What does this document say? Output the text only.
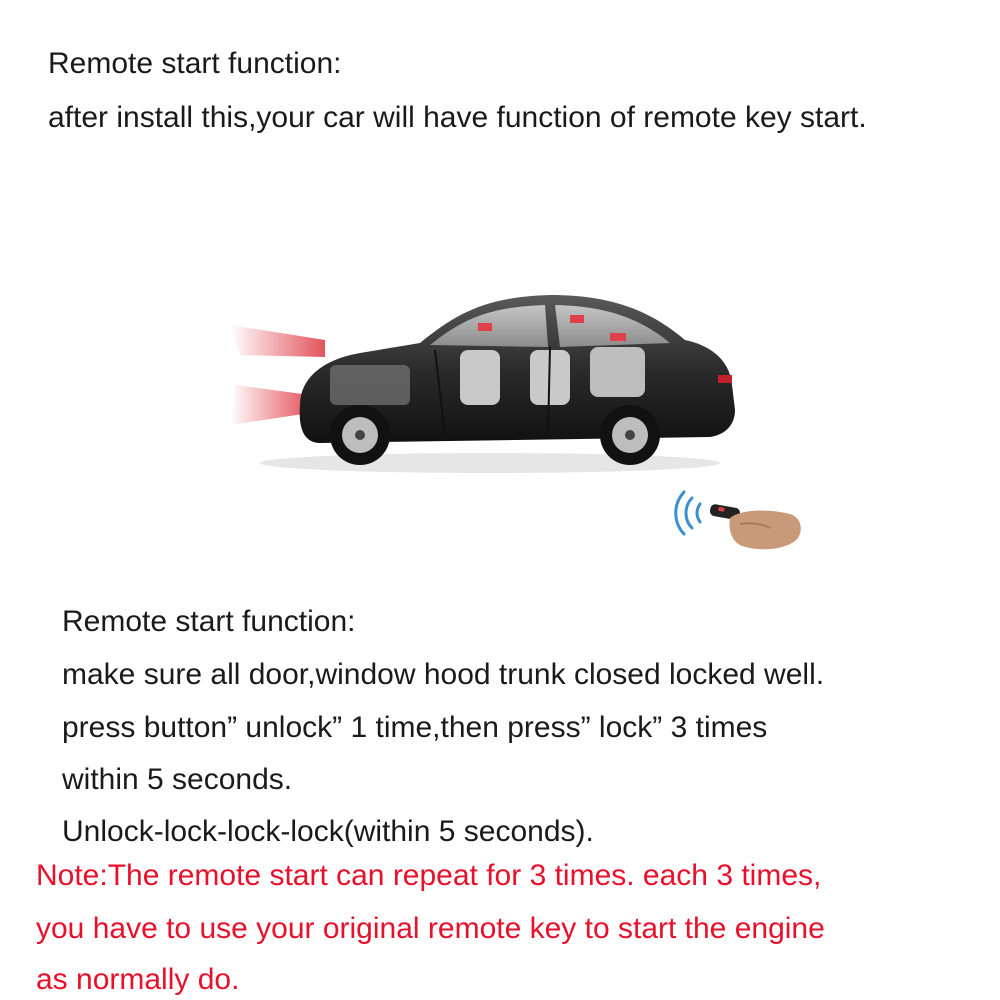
Remote start function:
after install this,your car will have function of remote key start.
Remote start function:
make sure all door,window hood trunk closed locked well.
press button” unlock” 1 time,then press” lock” 3 times
within 5 seconds.
Unlock-lock-lock-lock(within 5 seconds).
Note:The remote start can repeat for 3 times. each 3 times,
you have to use your original remote key to start the engine
as normally do.
